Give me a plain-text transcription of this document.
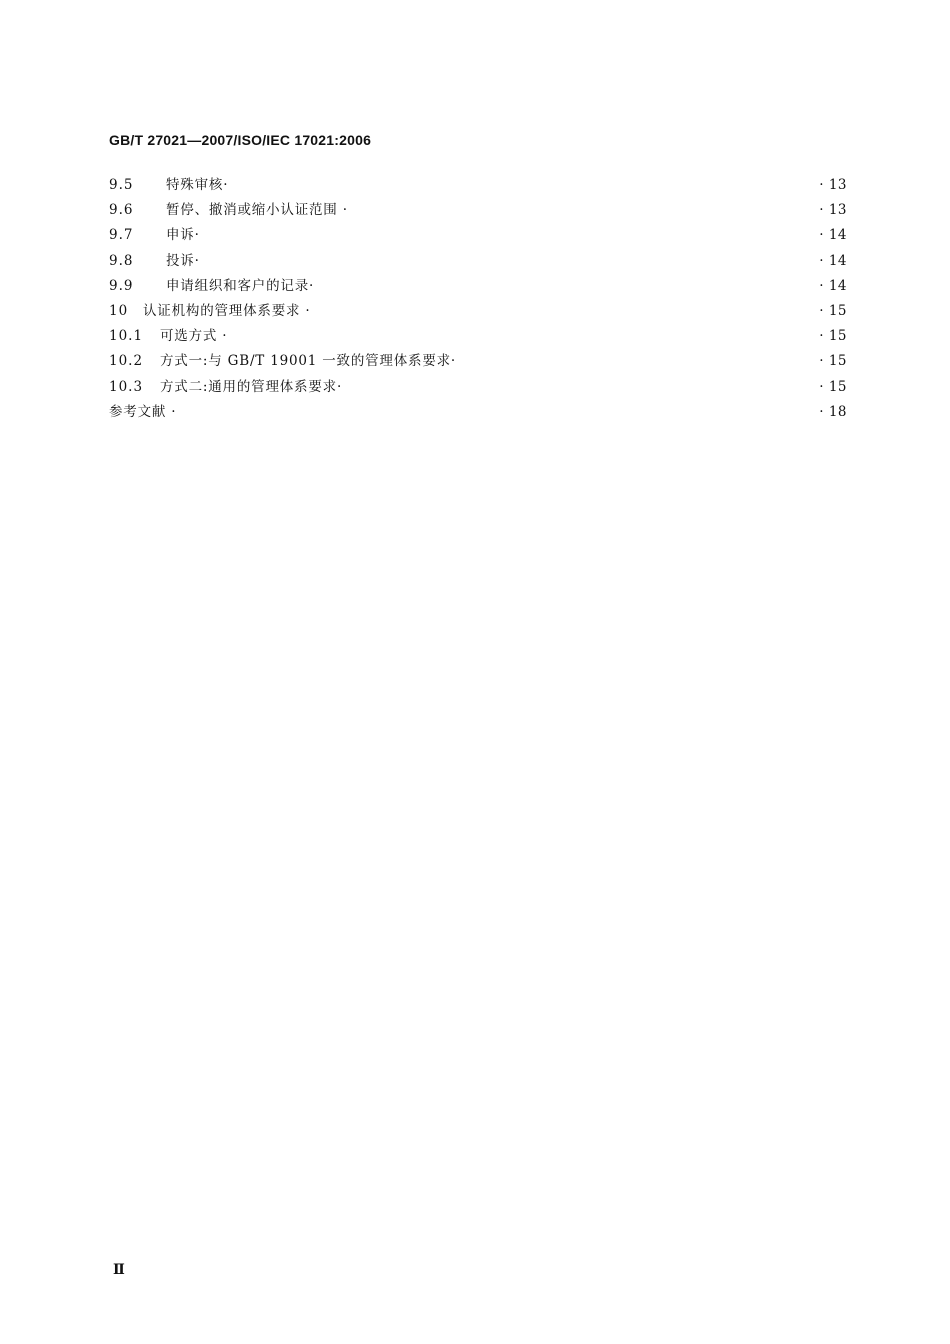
GB/T 27021—2007/ISO/IEC 17021:2006
9.5 特殊审核·	· 13
9.6 暂停、撤消或缩小认证范围 ·	· 13
9.7 申诉·	· 14
9.8 投诉·	· 14
9.9 申请组织和客户的记录·	· 14
10 认证机构的管理体系要求 ·	· 15
10.1 可选方式 ·	· 15
10.2 方式一:与 GB/T 19001 一致的管理体系要求·	· 15
10.3 方式二:通用的管理体系要求·	· 15
参考文献 ·	· 18
Ⅱ
